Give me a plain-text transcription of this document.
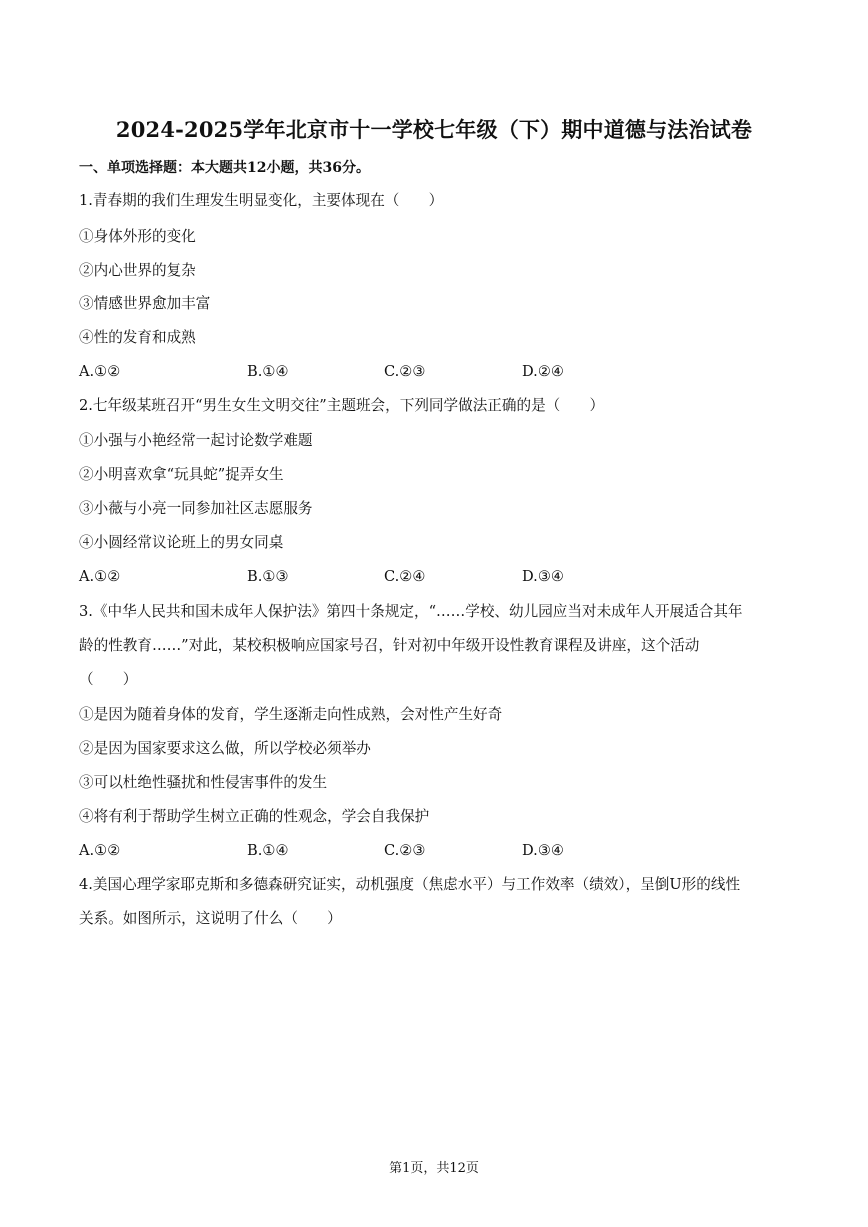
2024-2025学年北京市十一学校七年级（下）期中道德与法治试卷
一、单项选择题：本大题共12小题，共36分。
1.青春期的我们生理发生明显变化，主要体现在（　　）
①身体外形的变化
②内心世界的复杂
③情感世界愈加丰富
④性的发育和成熟
A.①②	B.①④	C.②③	D.②④
2.七年级某班召开“男生女生文明交往”主题班会，下列同学做法正确的是（　　）
①小强与小艳经常一起讨论数学难题
②小明喜欢拿“玩具蛇”捉弄女生
③小薇与小亮一同参加社区志愿服务
④小圆经常议论班上的男女同桌
A.①②	B.①③	C.②④	D.③④
3.《中华人民共和国未成年人保护法》第四十条规定，“……学校、幼儿园应当对未成年人开展适合其年
龄的性教育……”对此，某校积极响应国家号召，针对初中年级开设性教育课程及讲座，这个活动
（　　）
①是因为随着身体的发育，学生逐渐走向性成熟，会对性产生好奇
②是因为国家要求这么做，所以学校必须举办
③可以杜绝性骚扰和性侵害事件的发生
④将有利于帮助学生树立正确的性观念，学会自我保护
A.①②	B.①④	C.②③	D.③④
4.美国心理学家耶克斯和多德森研究证实，动机强度（焦虑水平）与工作效率（绩效），呈倒U形的线性
关系。如图所示，这说明了什么（　　）
第1页，共12页
